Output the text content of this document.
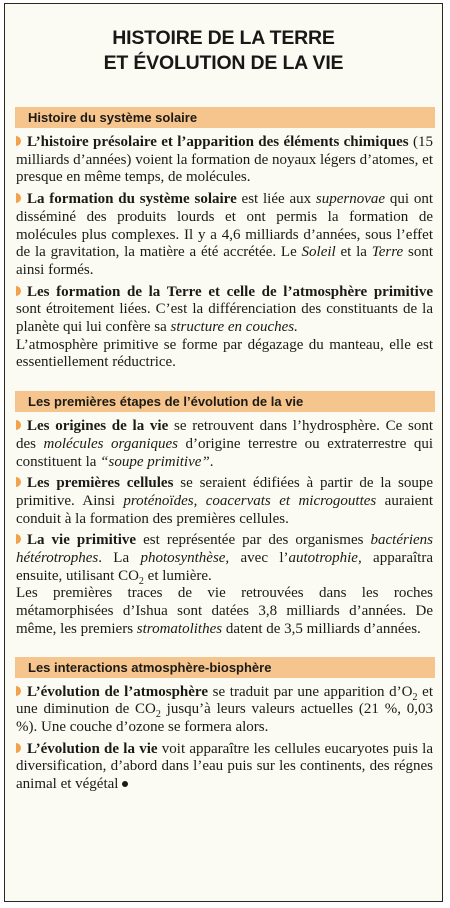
HISTOIRE DE LA TERRE
ET ÉVOLUTION DE LA VIE
Histoire du système solaire
L’histoire présolaire et l’apparition des éléments chimiques (15 milliards d’années) voient la formation de noyaux légers d’atomes, et presque en même temps, de molécules.
La formation du système solaire est liée aux supernovae qui ont disséminé des produits lourds et ont permis la formation de molécules plus complexes. Il y a 4,6 milliards d’années, sous l’effet de la gravitation, la matière a été accrétée. Le Soleil et la Terre sont ainsi formés.
Les formation de la Terre et celle de l’atmosphère primitive sont étroitement liées. C’est la différenciation des constituants de la planète qui lui confère sa structure en couches.
L’atmosphère primitive se forme par dégazage du manteau, elle est essentiellement réductrice.
Les premières étapes de l’évolution de la vie
Les origines de la vie se retrouvent dans l’hydrosphère. Ce sont des molécules organiques d’origine terrestre ou extraterrestre qui constituent la “soupe primitive”.
Les premières cellules se seraient édifiées à partir de la soupe primitive. Ainsi proténoïdes, coacervats et microgouttes auraient conduit à la formation des premières cellules.
La vie primitive est représentée par des organismes bactériens hétérotrophes. La photosynthèse, avec l’autotrophie, apparaîtra ensuite, utilisant $CO_2$ et lumière.
Les premières traces de vie retrouvées dans les roches métamorphisées d’Ishua sont datées 3,8 milliards d’années. De même, les premiers stromatolithes datent de 3,5 milliards d’années.
Les interactions atmosphère-biosphère
L’évolution de l’atmosphère se traduit par une apparition $d’O_2$ et une diminution de $CO_2$ jusqu’à leurs valeurs actuelles (21 %, 0,03 %). Une couche d’ozone se formera alors.
L’évolution de la vie voit apparaître les cellules eucaryotes puis la diversification, d’abord dans l’eau puis sur les continents, des régnes animal et végétal
